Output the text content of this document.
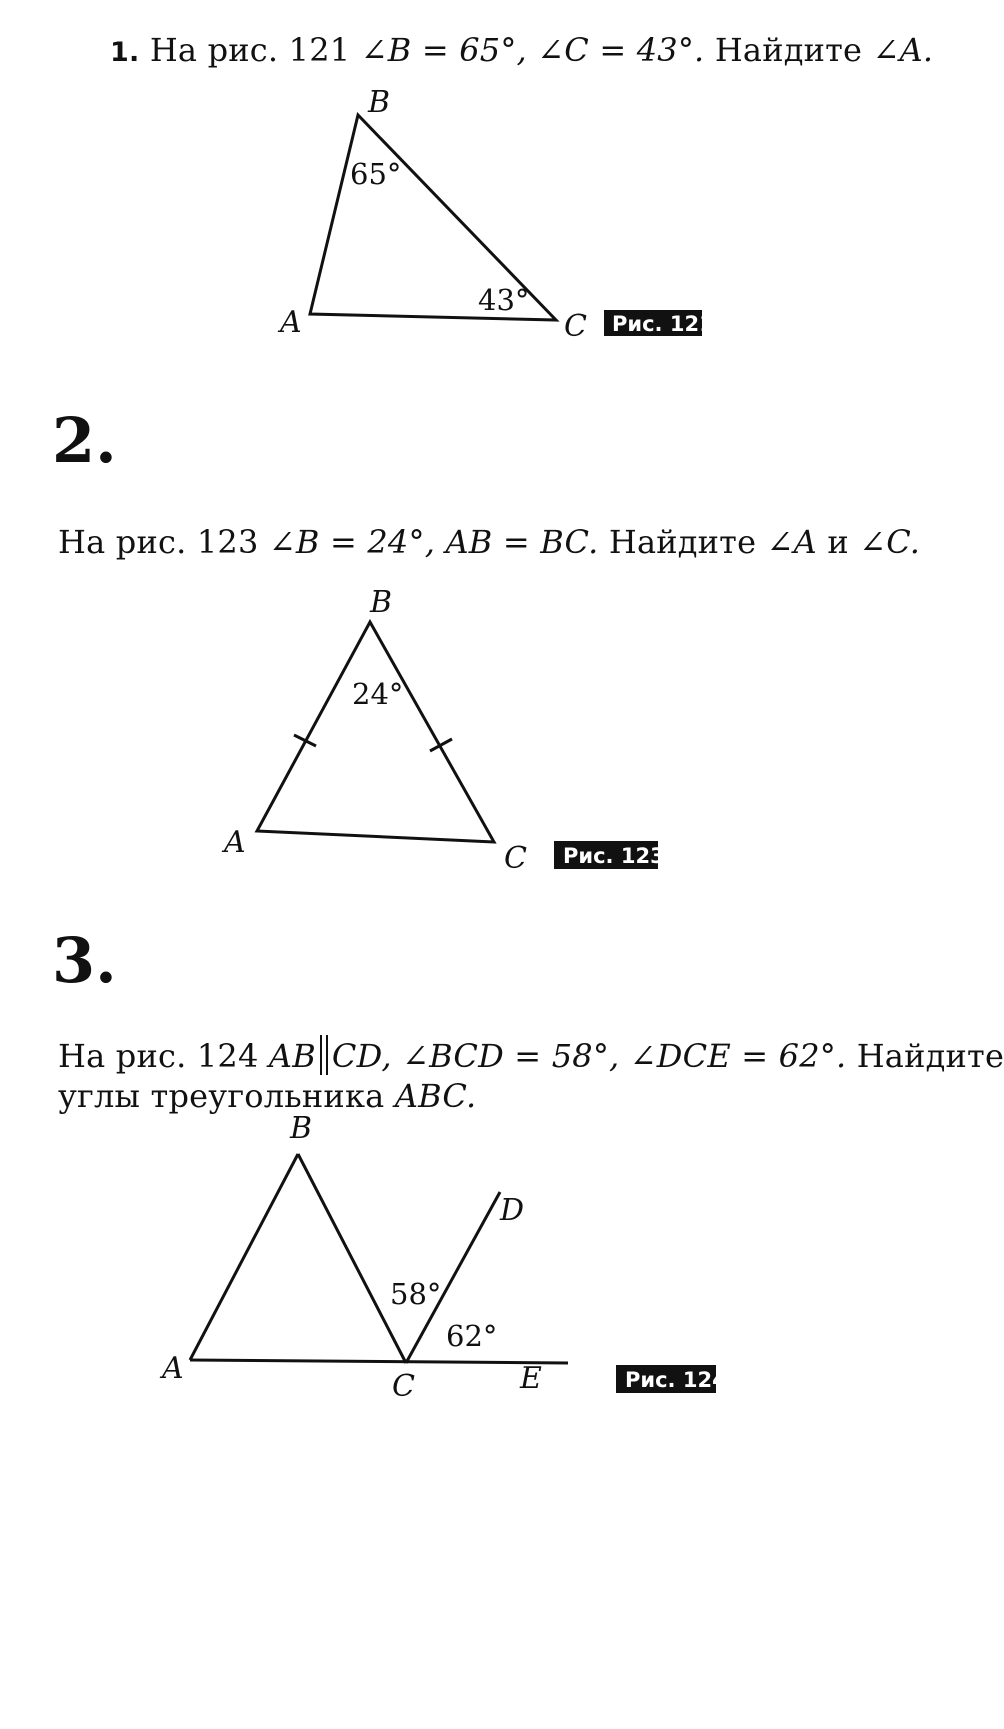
1. На рис. 121 ∠B = 65°, ∠C = 43°. Найдите ∠A.

B
A	C
65°
43°
Рис. 121

2.

На рис. 123 ∠B = 24°, AB = BC. Найдите ∠A и ∠C.

B
A	C
24°
Рис. 123

3.

На рис. 124 AB CD, ∠BCD = 58°, ∠DCE = 62°. Найдите

углы треугольника ABC.

B
A
C
D
E
58°
62°
Рис. 124
